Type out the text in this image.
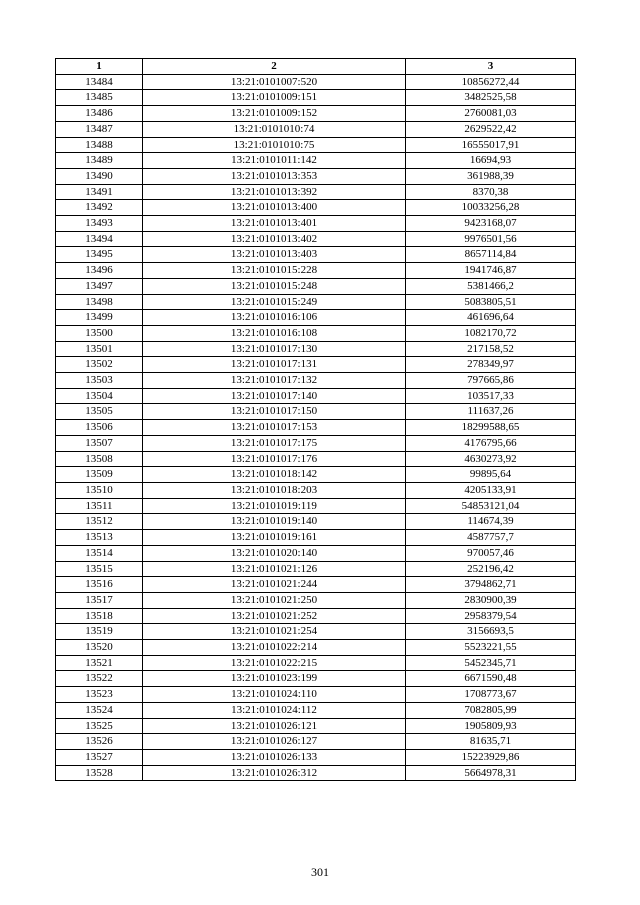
1	2	3
13484	13:21:0101007:520	10856272,44
13485	13:21:0101009:151	3482525,58
13486	13:21:0101009:152	2760081,03
13487	13:21:0101010:74	2629522,42
13488	13:21:0101010:75	16555017,91
13489	13:21:0101011:142	16694,93
13490	13:21:0101013:353	361988,39
13491	13:21:0101013:392	8370,38
13492	13:21:0101013:400	10033256,28
13493	13:21:0101013:401	9423168,07
13494	13:21:0101013:402	9976501,56
13495	13:21:0101013:403	8657114,84
13496	13:21:0101015:228	1941746,87
13497	13:21:0101015:248	5381466,2
13498	13:21:0101015:249	5083805,51
13499	13:21:0101016:106	461696,64
13500	13:21:0101016:108	1082170,72
13501	13:21:0101017:130	217158,52
13502	13:21:0101017:131	278349,97
13503	13:21:0101017:132	797665,86
13504	13:21:0101017:140	103517,33
13505	13:21:0101017:150	111637,26
13506	13:21:0101017:153	18299588,65
13507	13:21:0101017:175	4176795,66
13508	13:21:0101017:176	4630273,92
13509	13:21:0101018:142	99895,64
13510	13:21:0101018:203	4205133,91
13511	13:21:0101019:119	54853121,04
13512	13:21:0101019:140	114674,39
13513	13:21:0101019:161	4587757,7
13514	13:21:0101020:140	970057,46
13515	13:21:0101021:126	252196,42
13516	13:21:0101021:244	3794862,71
13517	13:21:0101021:250	2830900,39
13518	13:21:0101021:252	2958379,54
13519	13:21:0101021:254	3156693,5
13520	13:21:0101022:214	5523221,55
13521	13:21:0101022:215	5452345,71
13522	13:21:0101023:199	6671590,48
13523	13:21:0101024:110	1708773,67
13524	13:21:0101024:112	7082805,99
13525	13:21:0101026:121	1905809,93
13526	13:21:0101026:127	81635,71
13527	13:21:0101026:133	15223929,86
13528	13:21:0101026:312	5664978,31
301
